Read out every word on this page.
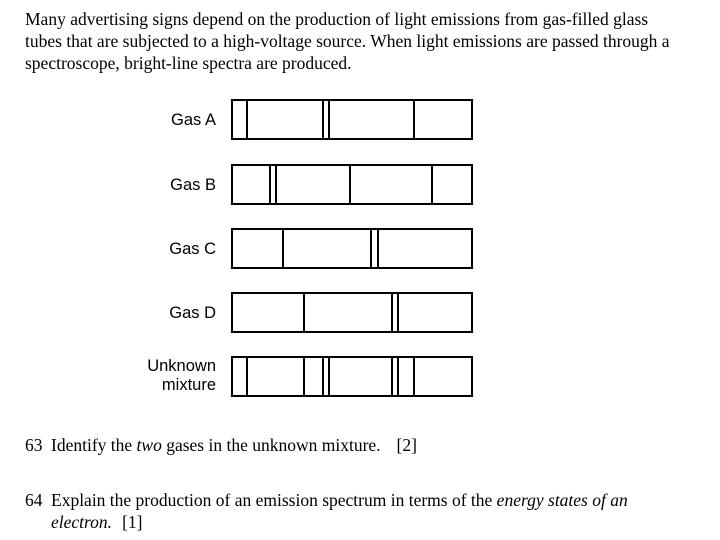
Many advertising signs depend on the production of light emissions from gas-filled glass tubes that are subjected to a high-voltage source. When light emissions are passed through a spectroscope, bright-line spectra are produced.
Gas A
Gas B
Gas C
Gas D
Unknown
mixture
63 Identify the two gases in the unknown mixture. [2]
64 Explain the production of an emission spectrum in terms of the energy states of an electron. [1]
